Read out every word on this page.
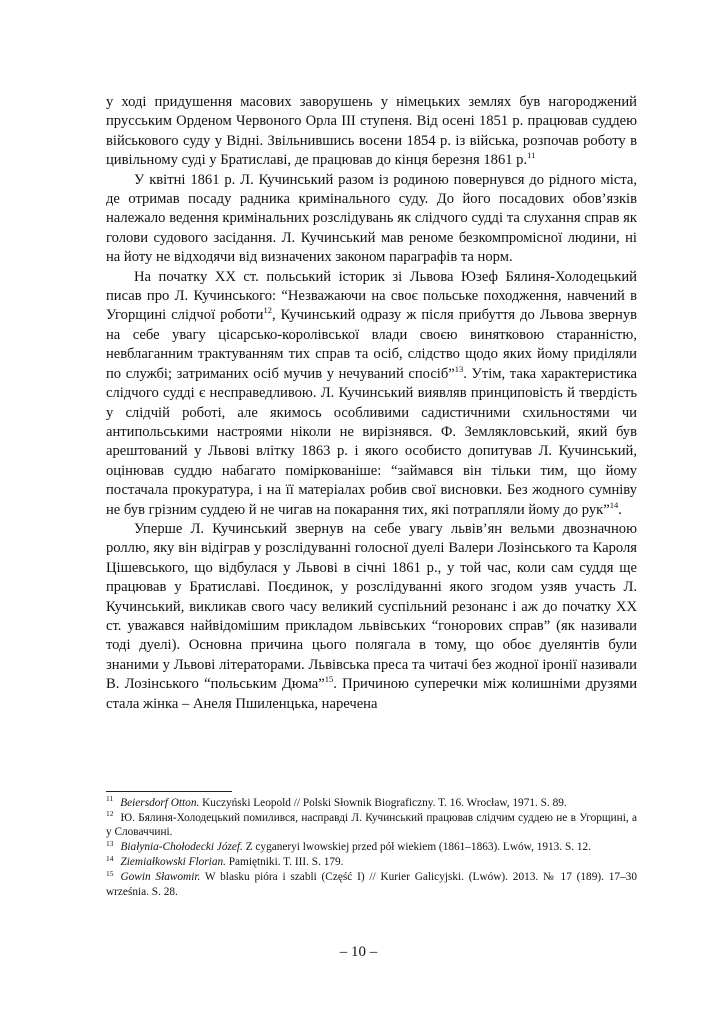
у ході придушення масових заворушень у німецьких землях був нагороджений прусським Орденом Червоного Орла ІІІ ступеня. Від осені 1851 р. працював суддею військового суду у Відні. Звільнившись восени 1854 р. із війська, розпочав роботу в цивільному суді у Братиславі, де працював до кінця березня 1861 р.$^{11}$

У квітні 1861 р. Л. Кучинський разом із родиною повернувся до рідного міста, де отримав посаду радника кримінального суду. До його посадових обов’язків належало ведення кримінальних розслідувань як слідчого судді та слухання справ як голови судового засідання. Л. Кучинський мав реноме безкомпромісної людини, ні на йоту не відходячи від визначених законом параграфів та норм.

На початку ХХ ст. польський історик зі Львова Юзеф Бялиня-Холодецький писав про Л. Кучинського: “Незважаючи на своє польське походження, навчений в Угорщині слідчої роботи$^{12}$, Кучинський одразу ж після прибуття до Львова звернув на себе увагу цісарсько-королівської влади своєю винятковою старанністю, невблаганним трактуванням тих справ та осіб, слідство щодо яких йому приділяли по службі; затриманих осіб мучив у нечуваний спосіб”$^{13}$. Утім, така характеристика слідчого судді є несправедливою. Л. Кучинський виявляв принциповість й твердість у слідчій роботі, але якимось особливими садистичними схильностями чи антипольськими настроями ніколи не вирізнявся. Ф. Землякловський, який був арештований у Львові влітку 1863 р. і якого особисто допитував Л. Кучинський, оцінював суддю набагато поміркованіше: “займався він тільки тим, що йому постачала прокуратура, і на її матеріалах робив свої висновки. Без жодного сумніву не був грізним суддею й не чигав на покарання тих, які потрапляли йому до рук”$^{14}$.

Уперше Л. Кучинський звернув на себе увагу львів’ян вельми двозначною роллю, яку він відіграв у розслідуванні голосної дуелі Валери Лозінського та Кароля Цішевського, що відбулася у Львові в січні 1861 р., у той час, коли сам суддя ще працював у Братиславі. Поєдинок, у розслідуванні якого згодом узяв участь Л. Кучинський, викликав свого часу великий суспільний резонанс і аж до початку ХХ ст. уважався найвідомішим прикладом львівських “гонорових справ” (як називали тоді дуелі). Основна причина цього полягала в тому, що обоє дуелянтів були знаними у Львові літераторами. Львівська преса та читачі без жодної іронії називали В. Лозінського “польським Дюма”$^{15}$. Причиною суперечки між колишніми друзями стала жінка – Анеля Пшиленцька, наречена

$^{11}$ Beiersdorf Otton. Kuczyński Leopold // Polski Słownik Biograficzny. T. 16. Wrocław, 1971. S. 89.
$^{12}$ Ю. Бялиня-Холодецький помилився, насправді Л. Кучинський працював слідчим суддею не в Угорщині, а у Словаччині.
$^{13}$ Białynia-Chołodecki Józef. Z cyganeryi lwowskiej przed pół wiekiem (1861–1863). Lwów, 1913. S. 12.
$^{14}$ Ziemiałkowski Florian. Pamiętniki. T. III. S. 179.
$^{15}$ Gowin Sławomir. W blasku pióra i szabli (Część I) // Kurier Galicyjski. (Lwów). 2013. № 17 (189). 17–30 września. S. 28.
– 10 –
